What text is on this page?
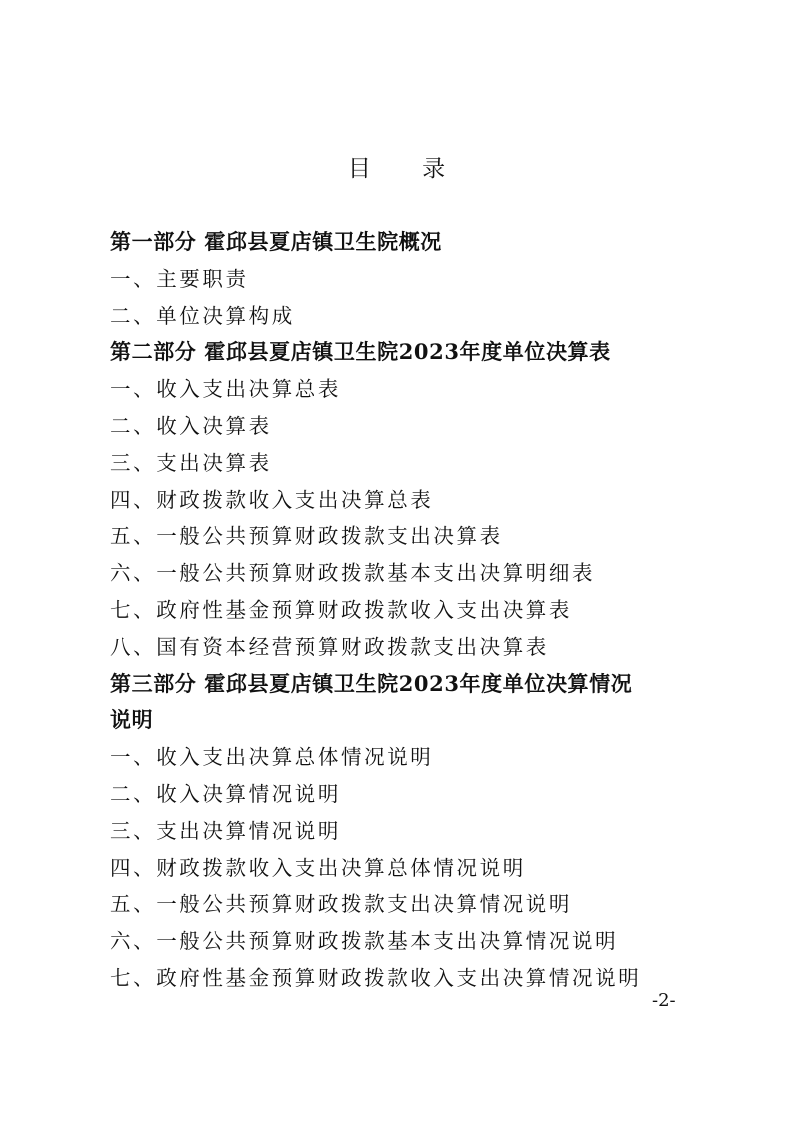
目 录
第一部分 霍邱县夏店镇卫生院概况
一、主要职责
二、单位决算构成
第二部分 霍邱县夏店镇卫生院2023年度单位决算表
一、收入支出决算总表
二、收入决算表
三、支出决算表
四、财政拨款收入支出决算总表
五、一般公共预算财政拨款支出决算表
六、一般公共预算财政拨款基本支出决算明细表
七、政府性基金预算财政拨款收入支出决算表
八、国有资本经营预算财政拨款支出决算表
第三部分 霍邱县夏店镇卫生院2023年度单位决算情况
说明
一、收入支出决算总体情况说明
二、收入决算情况说明
三、支出决算情况说明
四、财政拨款收入支出决算总体情况说明
五、一般公共预算财政拨款支出决算情况说明
六、一般公共预算财政拨款基本支出决算情况说明
七、政府性基金预算财政拨款收入支出决算情况说明
-2-
